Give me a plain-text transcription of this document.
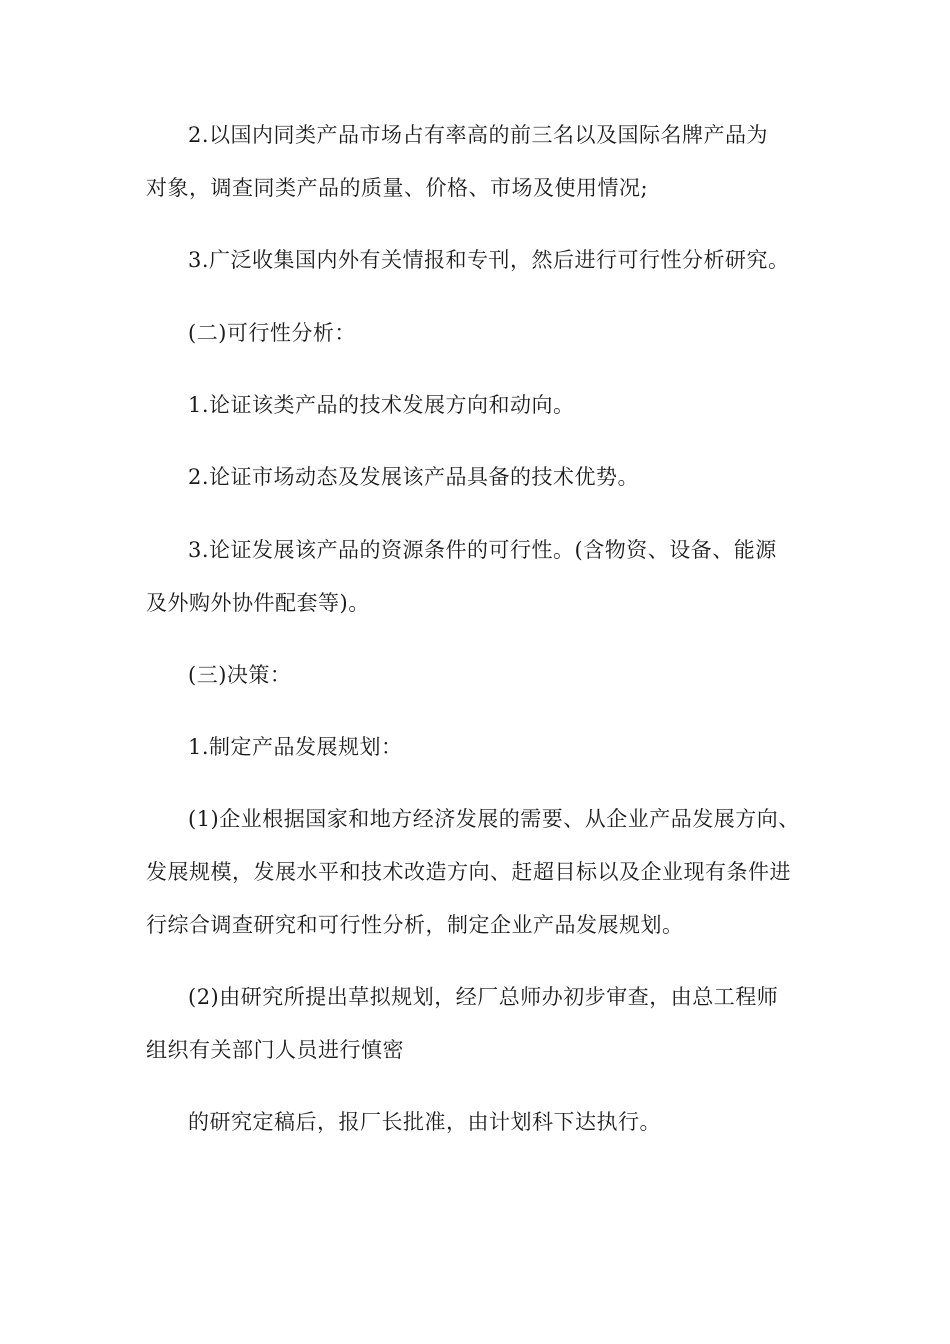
2.以国内同类产品市场占有率高的前三名以及国际名牌产品为
对象，调查同类产品的质量、价格、市场及使用情况;
3.广泛收集国内外有关情报和专刊，然后进行可行性分析研究。
(二)可行性分析：
1.论证该类产品的技术发展方向和动向。
2.论证市场动态及发展该产品具备的技术优势。
3.论证发展该产品的资源条件的可行性。(含物资、设备、能源
及外购外协件配套等)。
(三)决策：
1.制定产品发展规划：
(1)企业根据国家和地方经济发展的需要、从企业产品发展方向、
发展规模，发展水平和技术改造方向、赶超目标以及企业现有条件进
行综合调查研究和可行性分析，制定企业产品发展规划。
(2)由研究所提出草拟规划，经厂总师办初步审查，由总工程师
组织有关部门人员进行慎密
的研究定稿后，报厂长批准，由计划科下达执行。
